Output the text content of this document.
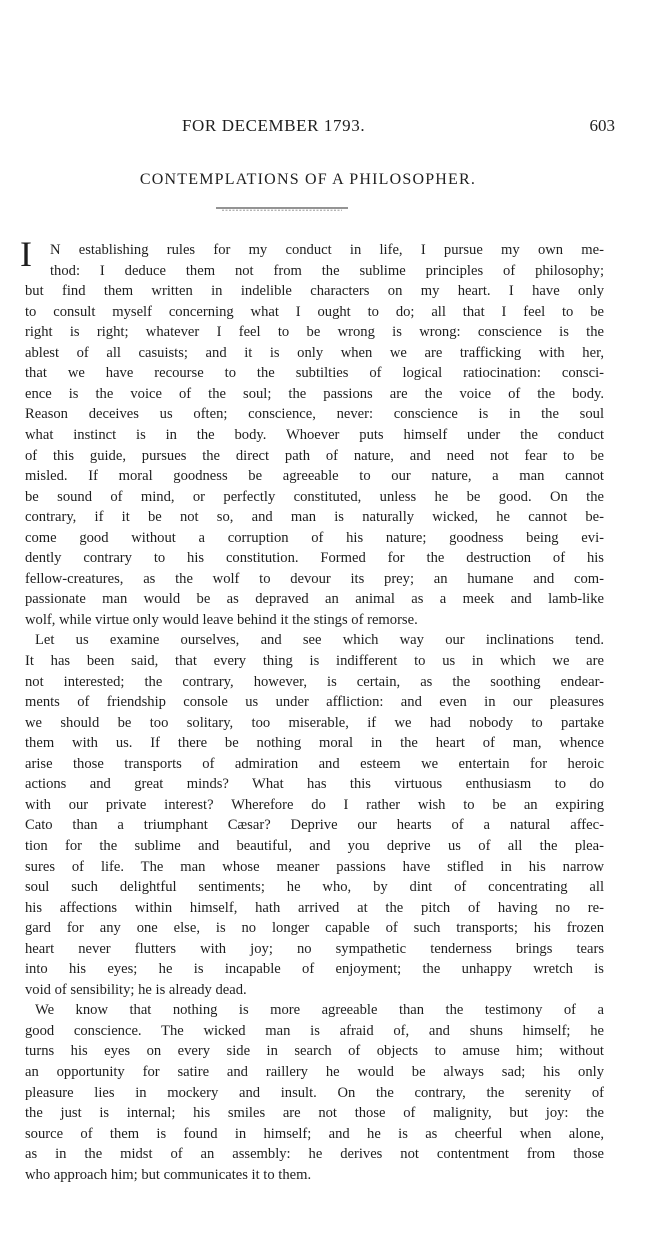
FOR DECEMBER 1793.	603
CONTEMPLATIONS OF A PHILOSOPHER.
I N establishing rules for my conduct in life, I pursue my own me-
thod: I deduce them not from the sublime principles of philosophy;
but find them written in indelible characters on my heart. I have only
to consult myself concerning what I ought to do; all that I feel to be
right is right; whatever I feel to be wrong is wrong: conscience is the
ablest of all casuists; and it is only when we are trafficking with her,
that we have recourse to the subtilties of logical ratiocination: consci-
ence is the voice of the soul; the passions are the voice of the body.
Reason deceives us often; conscience, never: conscience is in the soul
what instinct is in the body. Whoever puts himself under the conduct
of this guide, pursues the direct path of nature, and need not fear to be
misled. If moral goodness be agreeable to our nature, a man cannot
be sound of mind, or perfectly constituted, unless he be good. On the
contrary, if it be not so, and man is naturally wicked, he cannot be-
come good without a corruption of his nature; goodness being evi-
dently contrary to his constitution. Formed for the destruction of his
fellow-creatures, as the wolf to devour its prey; an humane and com-
passionate man would be as depraved an animal as a meek and lamb-like
wolf, while virtue only would leave behind it the stings of remorse.
Let us examine ourselves, and see which way our inclinations tend.
It has been said, that every thing is indifferent to us in which we are
not interested; the contrary, however, is certain, as the soothing endear-
ments of friendship console us under affliction: and even in our pleasures
we should be too solitary, too miserable, if we had nobody to partake
them with us. If there be nothing moral in the heart of man, whence
arise those transports of admiration and esteem we entertain for heroic
actions and great minds? What has this virtuous enthusiasm to do
with our private interest? Wherefore do I rather wish to be an expiring
Cato than a triumphant Cæsar? Deprive our hearts of a natural affec-
tion for the sublime and beautiful, and you deprive us of all the plea-
sures of life. The man whose meaner passions have stifled in his narrow
soul such delightful sentiments; he who, by dint of concentrating all
his affections within himself, hath arrived at the pitch of having no re-
gard for any one else, is no longer capable of such transports; his frozen
heart never flutters with joy; no sympathetic tenderness brings tears
into his eyes; he is incapable of enjoyment; the unhappy wretch is
void of sensibility; he is already dead.
We know that nothing is more agreeable than the testimony of a
good conscience. The wicked man is afraid of, and shuns himself; he
turns his eyes on every side in search of objects to amuse him; without
an opportunity for satire and raillery he would be always sad; his only
pleasure lies in mockery and insult. On the contrary, the serenity of
the just is internal; his smiles are not those of malignity, but joy: the
source of them is found in himself; and he is as cheerful when alone,
as in the midst of an assembly: he derives not contentment from those
who approach him; but communicates it to them.
